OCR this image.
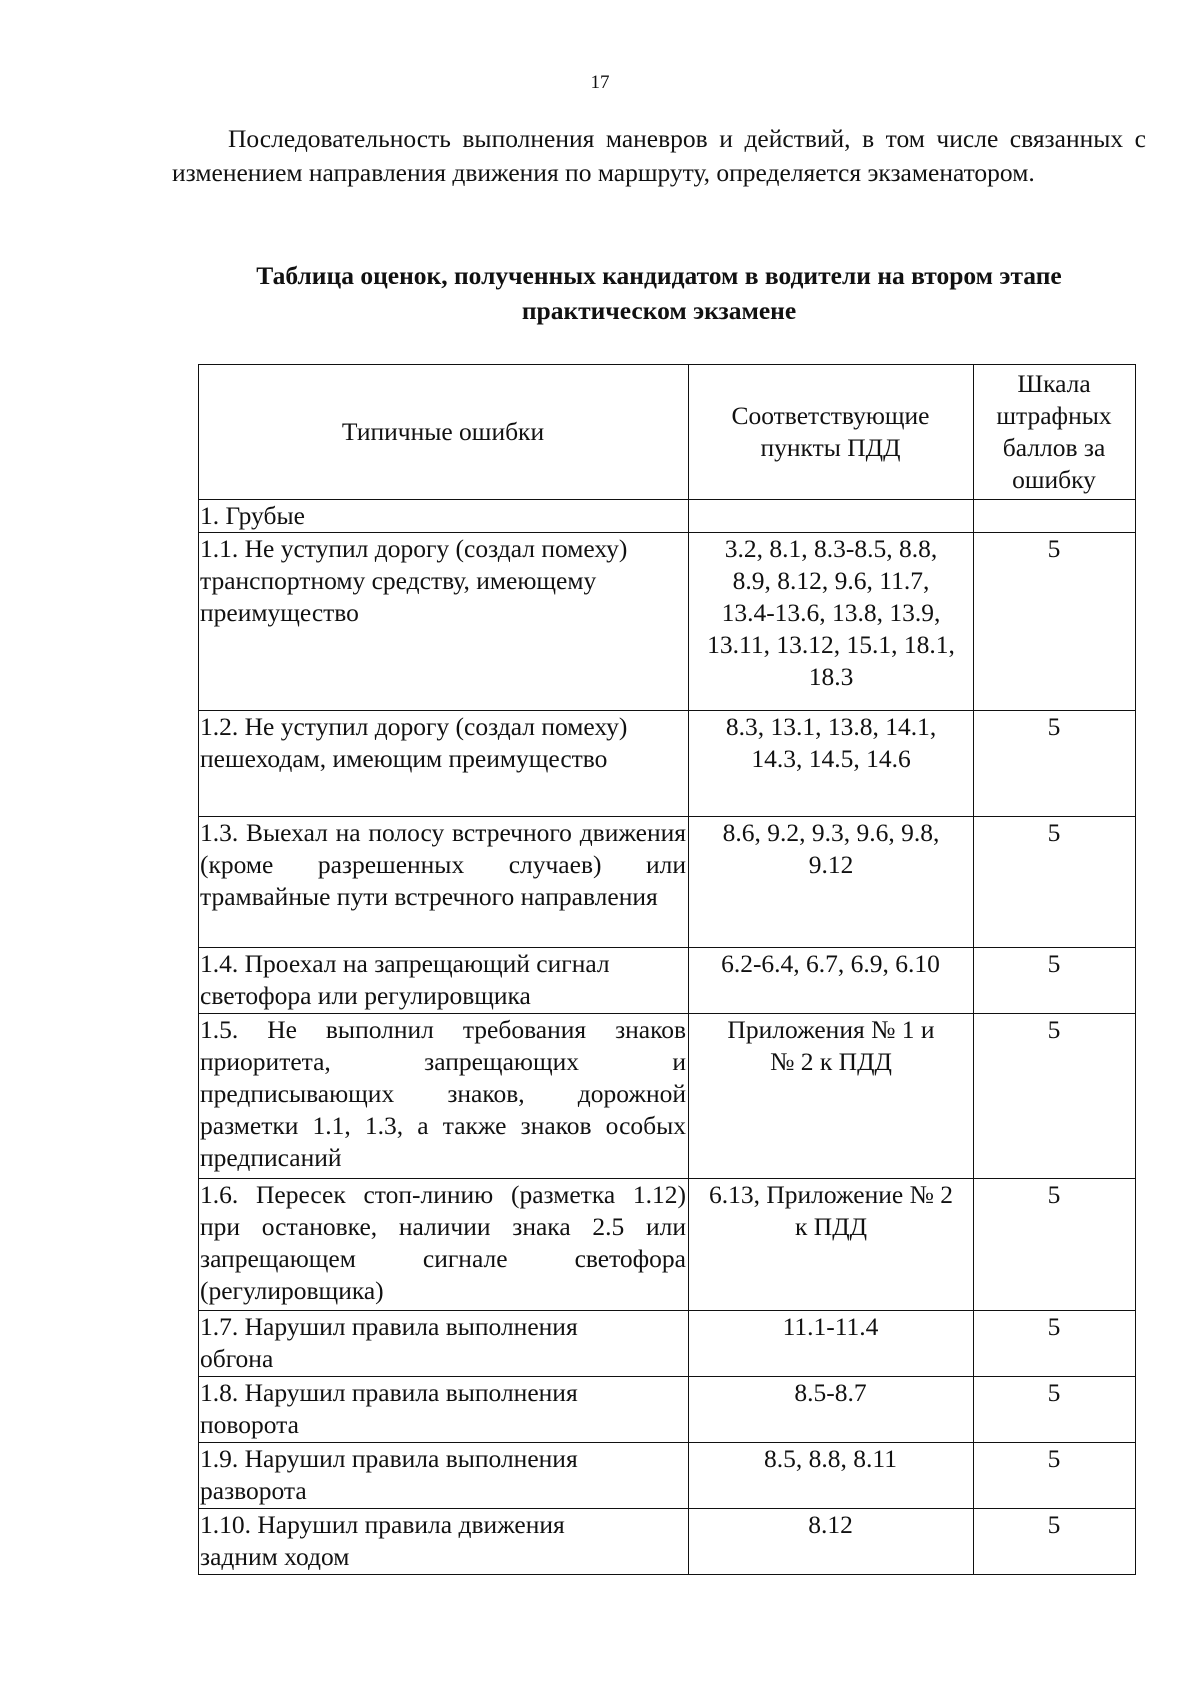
17

Последовательность выполнения маневров и действий, в том числе связанных с изменением направления движения по маршруту, определяется экзаменатором.

Таблица оценок, полученных кандидатом в водители на втором этапе практическом экзамене
Типичные ошибки	Соответствующие пункты ПДД	Шкала штрафных баллов за ошибку
1. Грубые		
1.1. Не уступил дорогу (создал помеху) транспортному средству, имеющему преимущество	3.2, 8.1, 8.3-8.5, 8.8, 8.9, 8.12, 9.6, 11.7, 13.4-13.6, 13.8, 13.9, 13.11, 13.12, 15.1, 18.1, 18.3	5
1.2. Не уступил дорогу (создал помеху) пешеходам, имеющим преимущество	8.3, 13.1, 13.8, 14.1, 14.3, 14.5, 14.6	5
1.3. Выехал на полосу встречного движения (кроме разрешенных случаев) или трамвайные пути встречного направления	8.6, 9.2, 9.3, 9.6, 9.8, 9.12	5
1.4. Проехал на запрещающий сигнал светофора или регулировщика	6.2-6.4, 6.7, 6.9, 6.10	5
1.5. Не выполнил требования знаков приоритета, запрещающих и предписывающих знаков, дорожной разметки 1.1, 1.3, а также знаков особых предписаний	Приложения № 1 и № 2 к ПДД	5
1.6. Пересек стоп-линию (разметка 1.12) при остановке, наличии знака 2.5 или запрещающем сигнале светофора (регулировщика)	6.13, Приложение № 2 к ПДД	5
1.7. Нарушил правила выполнения обгона	11.1-11.4	5
1.8. Нарушил правила выполнения поворота	8.5-8.7	5
1.9. Нарушил правила выполнения разворота	8.5, 8.8, 8.11	5
1.10. Нарушил правила движения задним ходом	8.12	5
